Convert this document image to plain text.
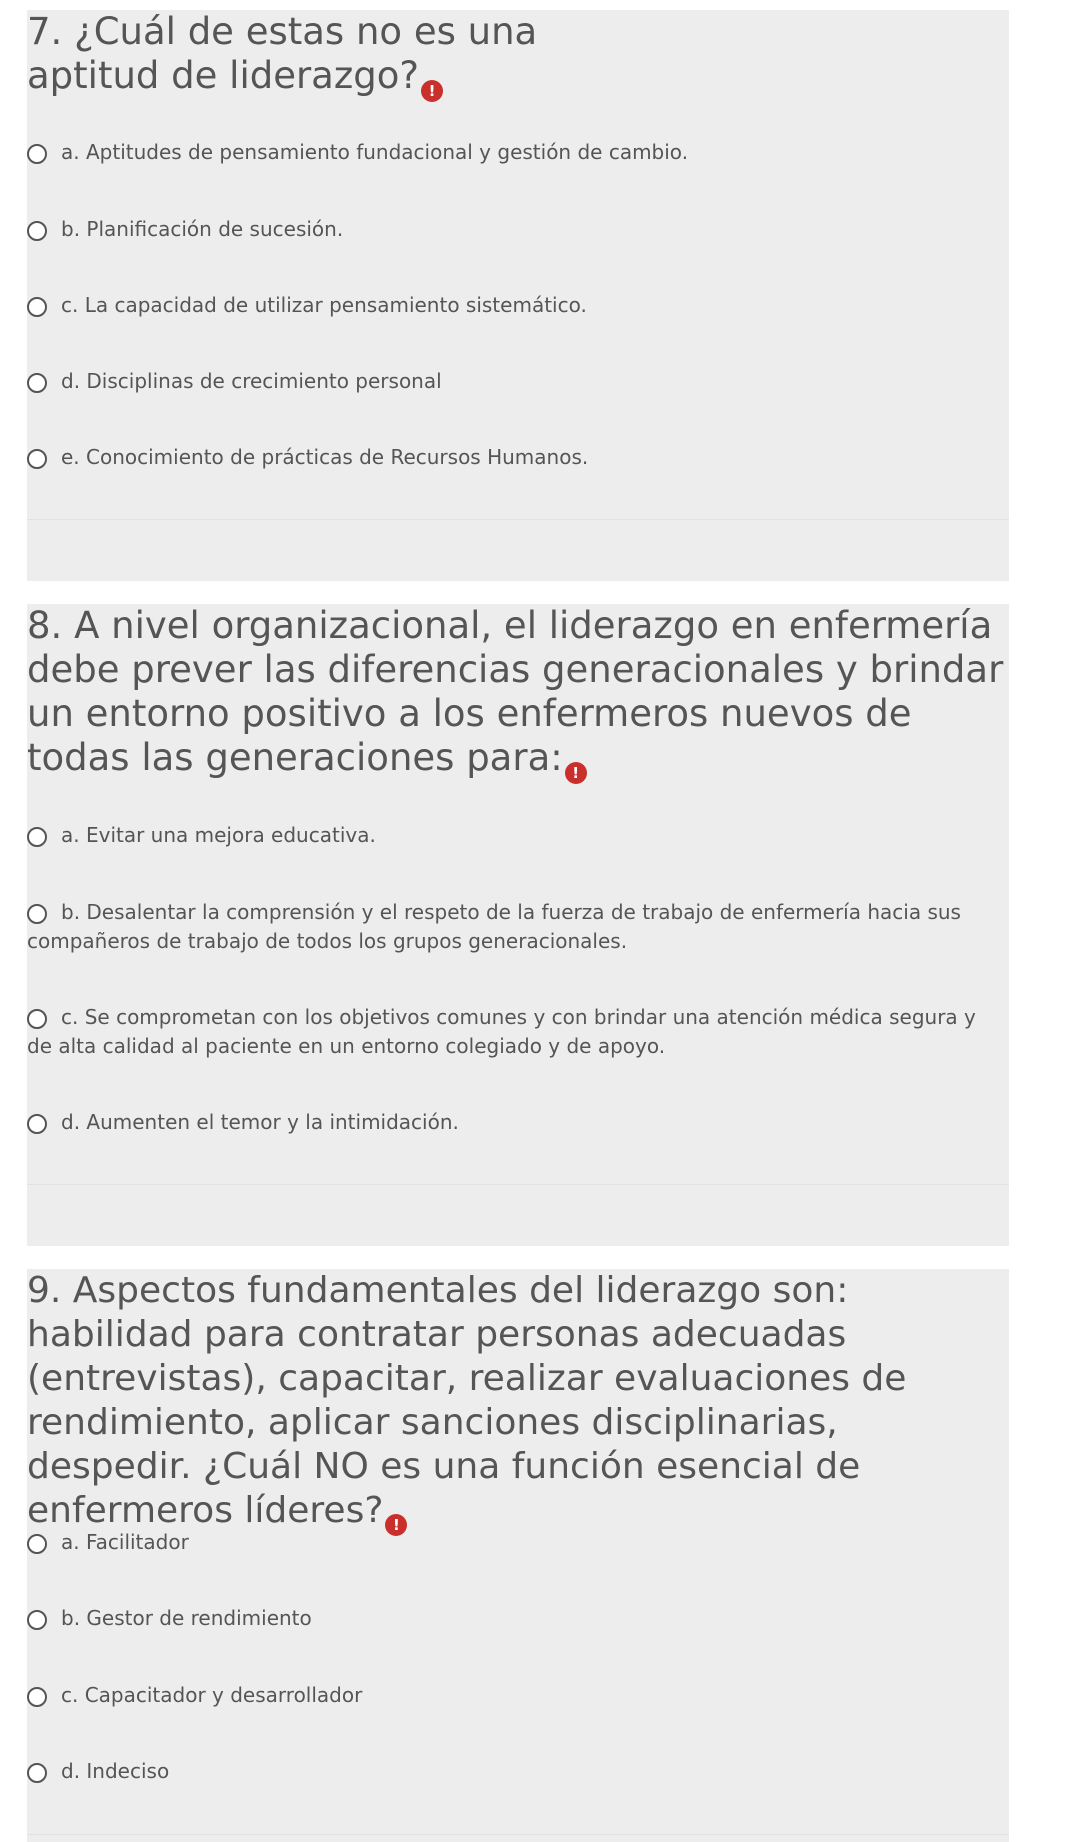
7. ¿Cuál de estas no es una aptitud de liderazgo? !
a. Aptitudes de pensamiento fundacional y gestión de cambio.
b. Planificación de sucesión.
c. La capacidad de utilizar pensamiento sistemático.
d. Disciplinas de crecimiento personal
e. Conocimiento de prácticas de Recursos Humanos.
8. A nivel organizacional, el liderazgo en enfermería debe prever las diferencias generacionales y brindar un entorno positivo a los enfermeros nuevos de todas las generaciones para: !
a. Evitar una mejora educativa.
b. Desalentar la comprensión y el respeto de la fuerza de trabajo de enfermería hacia sus compañeros de trabajo de todos los grupos generacionales.
c. Se comprometan con los objetivos comunes y con brindar una atención médica segura y de alta calidad al paciente en un entorno colegiado y de apoyo.
d. Aumenten el temor y la intimidación.
9. Aspectos fundamentales del liderazgo son: habilidad para contratar personas adecuadas (entrevistas), capacitar, realizar evaluaciones de rendimiento, aplicar sanciones disciplinarias, despedir. ¿Cuál NO es una función esencial de enfermeros líderes? !
a. Facilitador
b. Gestor de rendimiento
c. Capacitador y desarrollador
d. Indeciso
